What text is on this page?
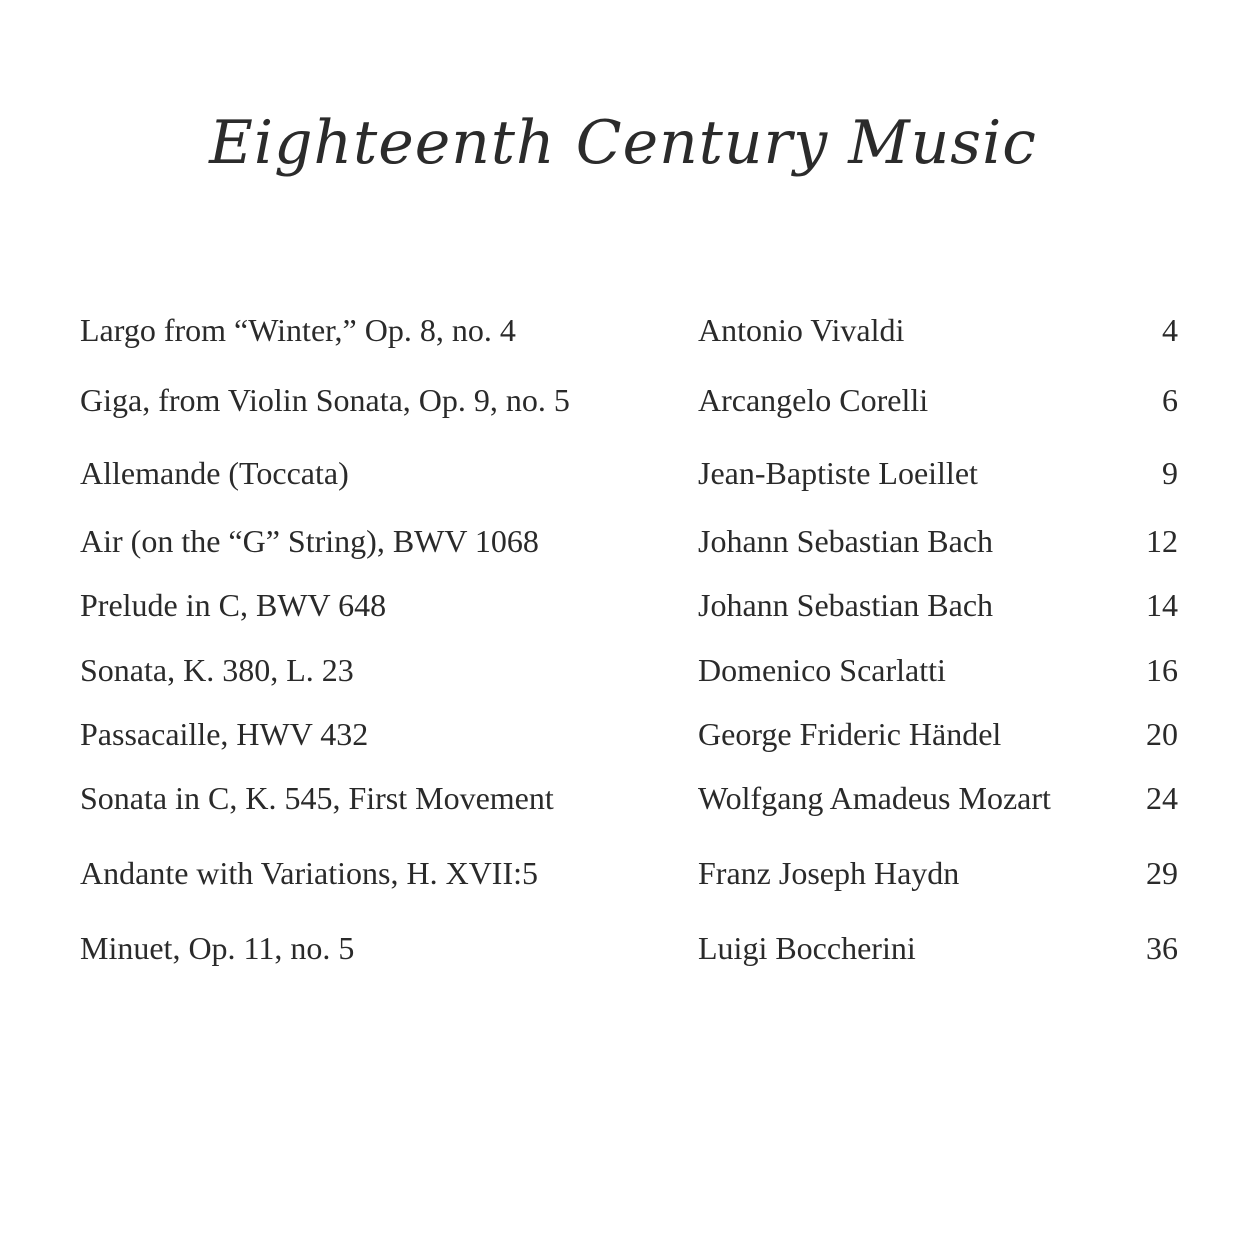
Eighteenth Century Music
Largo from “Winter,” Op. 8, no. 4	Antonio Vivaldi	4
Giga, from Violin Sonata, Op. 9, no. 5	Arcangelo Corelli	6
Allemande (Toccata)	Jean-Baptiste Loeillet	9
Air (on the “G” String), BWV 1068	Johann Sebastian Bach	12
Prelude in C, BWV 648	Johann Sebastian Bach	14
Sonata, K. 380, L. 23	Domenico Scarlatti	16
Passacaille, HWV 432	George Frideric Händel	20
Sonata in C, K. 545, First Movement	Wolfgang Amadeus Mozart	24
Andante with Variations, H. XVII:5	Franz Joseph Haydn	29
Minuet, Op. 11, no. 5	Luigi Boccherini	36
